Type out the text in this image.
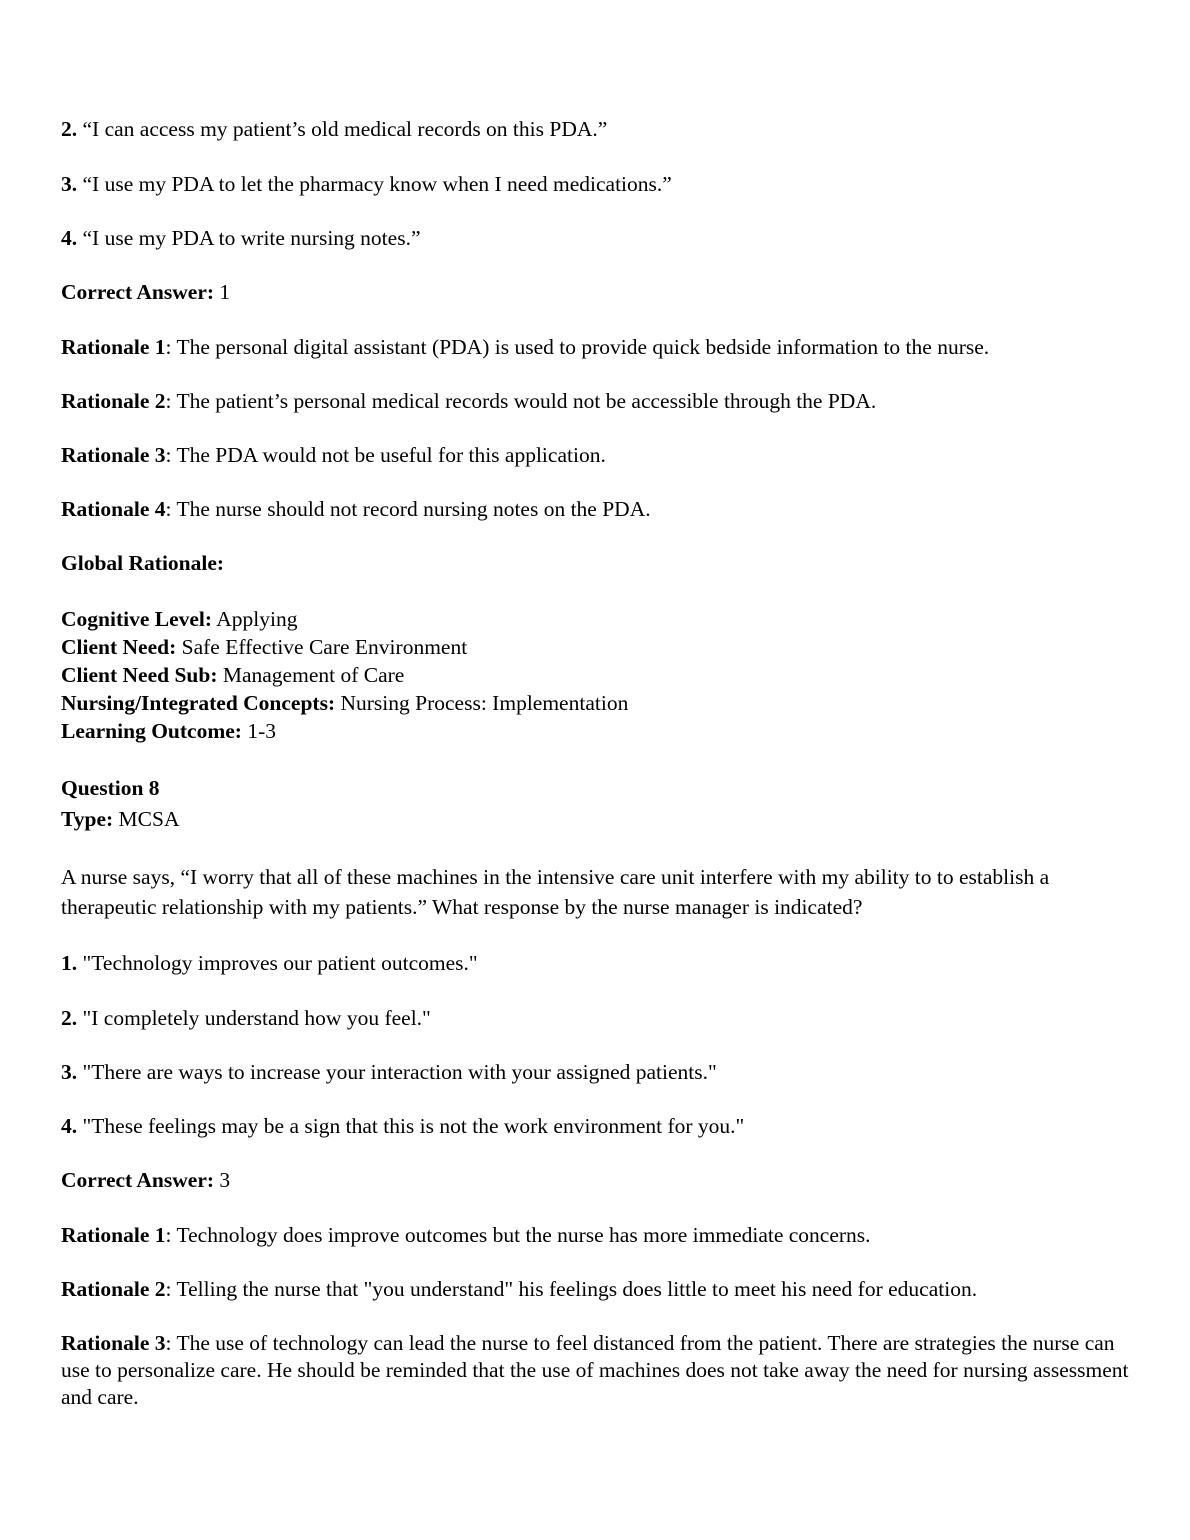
2. “I can access my patient’s old medical records on this PDA.”
3. “I use my PDA to let the pharmacy know when I need medications.”
4. “I use my PDA to write nursing notes.”
Correct Answer: 1
Rationale 1: The personal digital assistant (PDA) is used to provide quick bedside information to the nurse.
Rationale 2: The patient’s personal medical records would not be accessible through the PDA.
Rationale 3: The PDA would not be useful for this application.
Rationale 4: The nurse should not record nursing notes on the PDA.
Global Rationale:
Cognitive Level: Applying
Client Need: Safe Effective Care Environment
Client Need Sub: Management of Care
Nursing/Integrated Concepts: Nursing Process: Implementation
Learning Outcome: 1-3
Question 8
Type: MCSA
A nurse says, “I worry that all of these machines in the intensive care unit interfere with my ability to to establish a therapeutic relationship with my patients.” What response by the nurse manager is indicated?
1. "Technology improves our patient outcomes."
2. "I completely understand how you feel."
3. "There are ways to increase your interaction with your assigned patients."
4. "These feelings may be a sign that this is not the work environment for you."
Correct Answer: 3
Rationale 1: Technology does improve outcomes but the nurse has more immediate concerns.
Rationale 2: Telling the nurse that "you understand" his feelings does little to meet his need for education.
Rationale 3: The use of technology can lead the nurse to feel distanced from the patient. There are strategies the nurse can use to personalize care. He should be reminded that the use of machines does not take away the need for nursing assessment and care.
